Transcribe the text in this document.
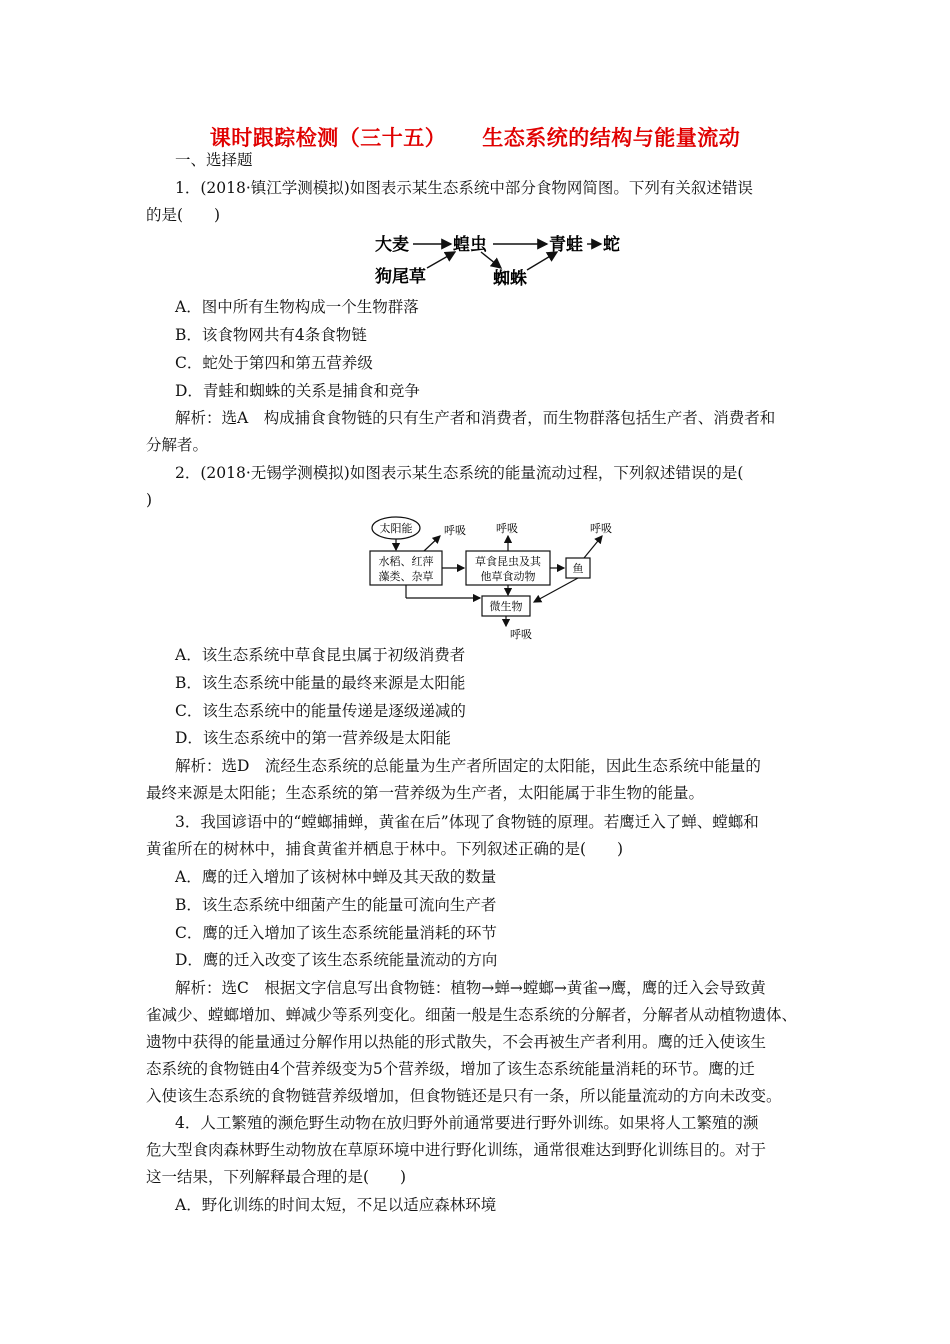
课时跟踪检测（三十五） 生态系统的结构与能量流动
一、选择题
1．(2018·镇江学测模拟)如图表示某生态系统中部分食物网简图。下列有关叙述错误
的是(　　)
大麦	蝗虫	青蛙 蛇
狗尾草	蜘蛛
A．图中所有生物构成一个生物群落
B．该食物网共有4条食物链
C．蛇处于第四和第五营养级
D．青蛙和蜘蛛的关系是捕食和竞争
解析：选A　构成捕食食物链的只有生产者和消费者，而生物群落包括生产者、消费者和
分解者。
2．(2018·无锡学测模拟)如图表示某生态系统的能量流动过程，下列叙述错误的是(
)
太阳能
水稻、红萍
藻类、杂草
呼吸
草食昆虫及其
他草食动物
呼吸
鱼
呼吸
微生物
呼吸
A．该生态系统中草食昆虫属于初级消费者
B．该生态系统中能量的最终来源是太阳能
C．该生态系统中的能量传递是逐级递减的
D．该生态系统中的第一营养级是太阳能
解析：选D　流经生态系统的总能量为生产者所固定的太阳能，因此生态系统中能量的
最终来源是太阳能；生态系统的第一营养级为生产者，太阳能属于非生物的能量。
3．我国谚语中的“螳螂捕蝉，黄雀在后”体现了食物链的原理。若鹰迁入了蝉、螳螂和
黄雀所在的树林中，捕食黄雀并栖息于林中。下列叙述正确的是(　　)
A．鹰的迁入增加了该树林中蝉及其天敌的数量
B．该生态系统中细菌产生的能量可流向生产者
C．鹰的迁入增加了该生态系统能量消耗的环节
D．鹰的迁入改变了该生态系统能量流动的方向
解析：选C　根据文字信息写出食物链：植物→蝉→螳螂→黄雀→鹰，鹰的迁入会导致黄
雀减少、螳螂增加、蝉减少等系列变化。细菌一般是生态系统的分解者，分解者从动植物遗体、
遗物中获得的能量通过分解作用以热能的形式散失，不会再被生产者利用。鹰的迁入使该生
态系统的食物链由4个营养级变为5个营养级，增加了该生态系统能量消耗的环节。鹰的迁
入使该生态系统的食物链营养级增加，但食物链还是只有一条，所以能量流动的方向未改变。
4．人工繁殖的濒危野生动物在放归野外前通常要进行野外训练。如果将人工繁殖的濒
危大型食肉森林野生动物放在草原环境中进行野化训练，通常很难达到野化训练目的。对于
这一结果，下列解释最合理的是(　　)
A．野化训练的时间太短，不足以适应森林环境
